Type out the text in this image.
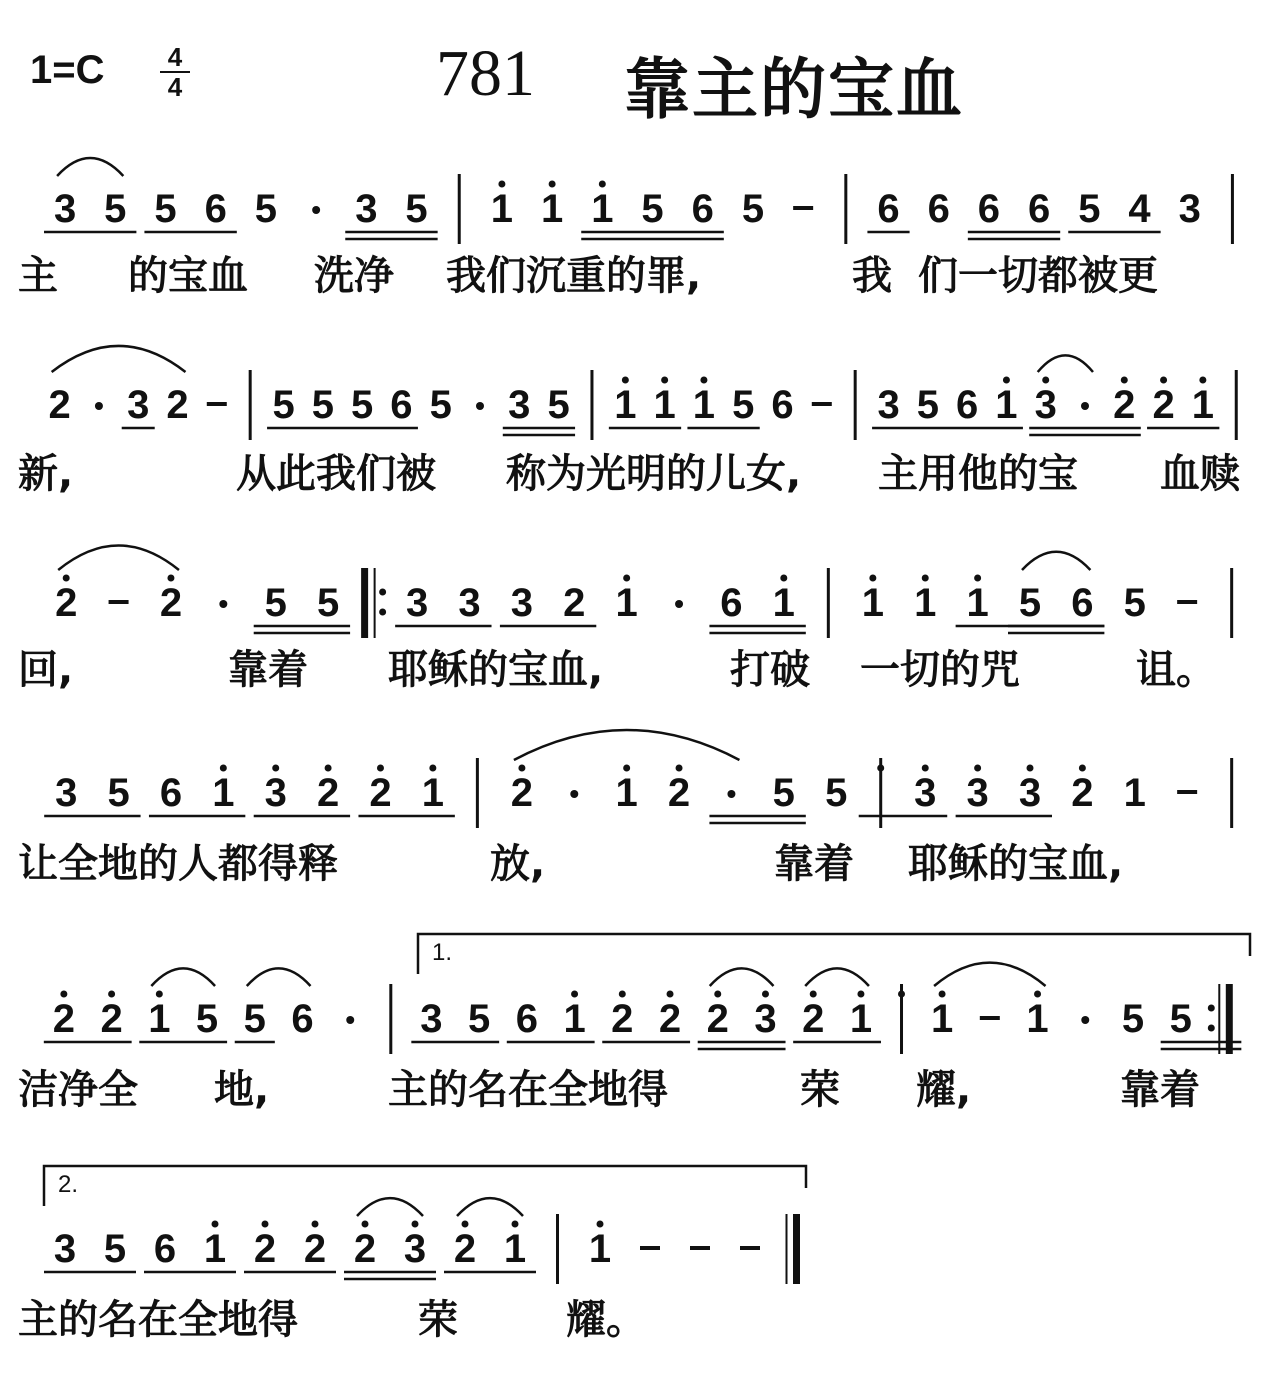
1=C 4
4	781 靠主的宝血
3 5 5 6 5 3 5 1 1 1 5 6 5	6 6 6 6 5 4 3
2 3 2 5 5 5 6 5 3 5 1 1 1 5 6 3 5 6 1 3 2 2 1
2 2 5 5 3 3 3 2 1 6 1 1 1 1 5 6 5
3 5 6 1 3 2 2 1 2 1 2 5 5 3 3 3 2 1
2 2 1 5 5 6	3 5 6 1 2 2 2 3 2 1 1 1 5 5
1.
3 5 6 1 2 2 2 3 2 1 1
2.
主 的宝血 洗净 我们沉重的罪,	我 们一切都被更
新,	从此我们被 称为光明的儿女, 主用他的宝 血赎
回,	靠着 耶稣的宝血,	打破 一切的咒	诅。
让全地的人都得释	放,	靠着 耶稣的宝血,
洁净全 地,	主的名在全地得	荣 耀,	靠着
主的名在全地得	荣	耀。
